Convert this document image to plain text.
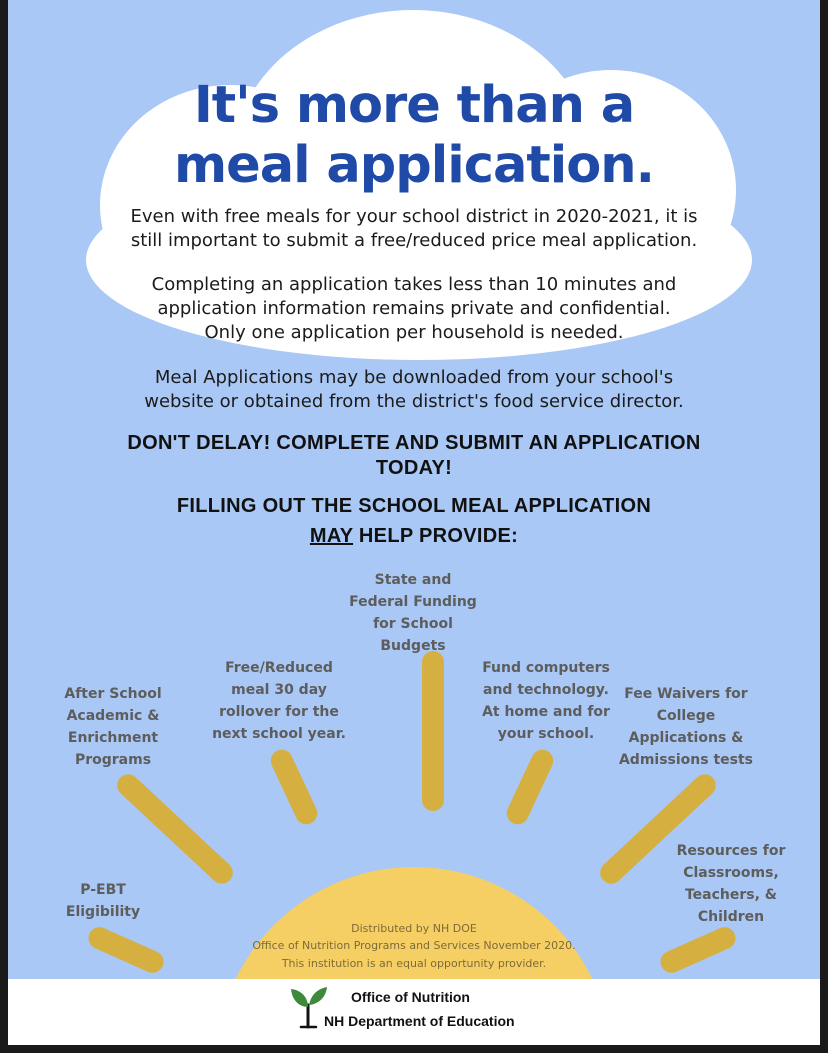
It's more than a
meal application.
Even with free meals for your school district in 2020-2021, it is
still important to submit a free/reduced price meal application.
Completing an application takes less than 10 minutes and
application information remains private and confidential.
Only one application per household is needed.
Meal Applications may be downloaded from your school's
website or obtained from the district's food service director.
DON'T DELAY! COMPLETE AND SUBMIT AN APPLICATION
TODAY!
FILLING OUT THE SCHOOL MEAL APPLICATION
MAY HELP PROVIDE:
State and
Federal Funding
for School
Budgets
Free/Reduced
meal 30 day
rollover for the
next school year.
Fund computers
and technology.
At home and for
your school.
After School
Academic &
Enrichment
Programs
Fee Waivers for
College
Applications &
Admissions tests
Resources for
Classrooms,
Teachers, &
Children
P-EBT
Eligibility
Distributed by NH DOE
Office of Nutrition Programs and Services November 2020.
This institution is an equal opportunity provider.
Office of Nutrition
NH Department of Education
